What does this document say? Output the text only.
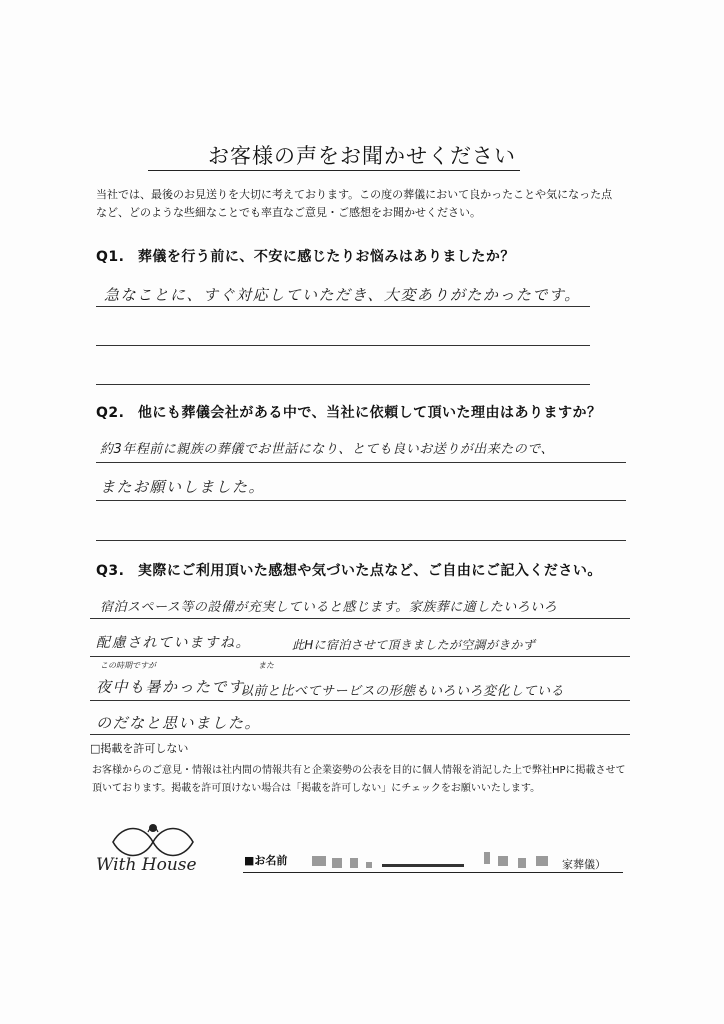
お客様の声をお聞かせください
当社では、最後のお見送りを大切に考えております。この度の葬儀において良かったことや気になった点など、どのような些細なことでも率直なご意見・ご感想をお聞かせください。
Q1. 葬儀を行う前に、不安に感じたりお悩みはありましたか？
急なことに、すぐ対応していただき、大変ありがたかったです。
Q2. 他にも葬儀会社がある中で、当社に依頼して頂いた理由はありますか？
約3年程前に親族の葬儀でお世話になり、とても良いお送りが出来たので、
またお願いしました。
Q3. 実際にご利用頂いた感想や気づいた点など、ご自由にご記入ください。
宿泊スペース等の設備が充実していると感じます。家族葬に適したいろいろ
配慮されていますね。	此Hに宿泊させて頂きましたが空調がきかず
この時期ですが	また
夜中も暑かったです。
以前と比べてサービスの形態もいろいろ変化している
のだなと思いました。
□掲載を許可しない
お客様からのご意見・情報は社内間の情報共有と企業姿勢の公表を目的に個人情報を消記した上で弊社HPに掲載させて頂いております。掲載を許可頂けない場合は「掲載を許可しない」にチェックをお願いいたします。
With House	■お名前	家葬儀）
